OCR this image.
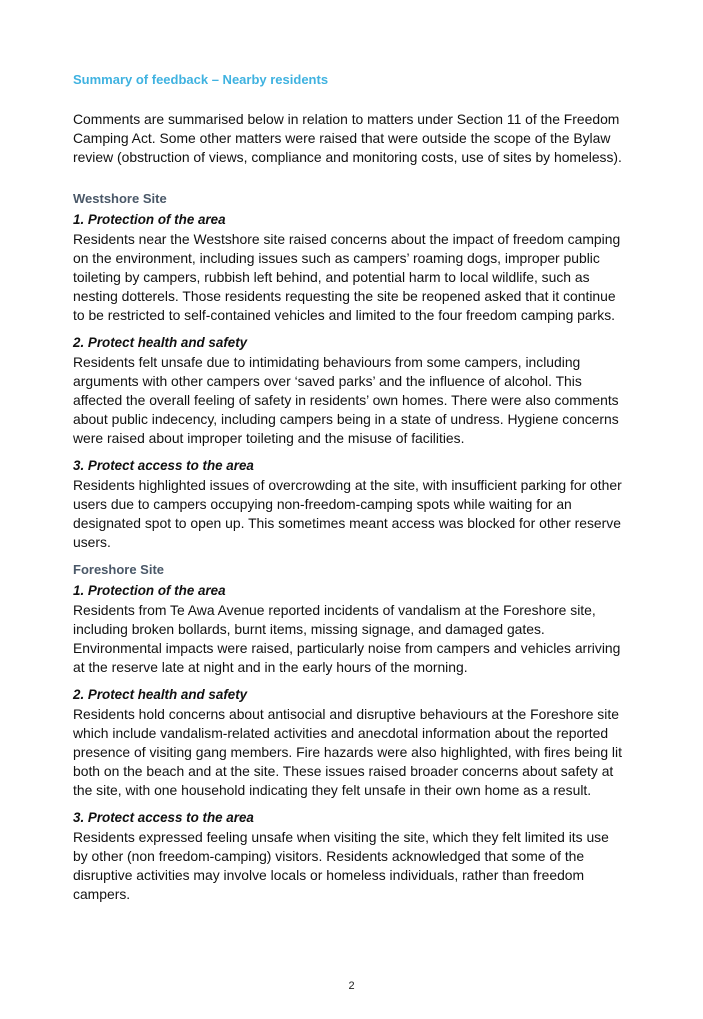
Summary of feedback – Nearby residents

Comments are summarised below in relation to matters under Section 11 of the Freedom
Camping Act. Some other matters were raised that were outside the scope of the Bylaw
review (obstruction of views, compliance and monitoring costs, use of sites by homeless).

Westshore Site
1. Protection of the area

Residents near the Westshore site raised concerns about the impact of freedom camping
on the environment, including issues such as campers’ roaming dogs, improper public
toileting by campers, rubbish left behind, and potential harm to local wildlife, such as
nesting dotterels. Those residents requesting the site be reopened asked that it continue
to be restricted to self-contained vehicles and limited to the four freedom camping parks.

2. Protect health and safety

Residents felt unsafe due to intimidating behaviours from some campers, including
arguments with other campers over ‘saved parks’ and the influence of alcohol. This
affected the overall feeling of safety in residents’ own homes. There were also comments
about public indecency, including campers being in a state of undress. Hygiene concerns
were raised about improper toileting and the misuse of facilities.

3. Protect access to the area

Residents highlighted issues of overcrowding at the site, with insufficient parking for other
users due to campers occupying non-freedom-camping spots while waiting for an
designated spot to open up. This sometimes meant access was blocked for other reserve
users.

Foreshore Site
1. Protection of the area

Residents from Te Awa Avenue reported incidents of vandalism at the Foreshore site,
including broken bollards, burnt items, missing signage, and damaged gates.
Environmental impacts were raised, particularly noise from campers and vehicles arriving
at the reserve late at night and in the early hours of the morning.

2. Protect health and safety

Residents hold concerns about antisocial and disruptive behaviours at the Foreshore site
which include vandalism-related activities and anecdotal information about the reported
presence of visiting gang members. Fire hazards were also highlighted, with fires being lit
both on the beach and at the site. These issues raised broader concerns about safety at
the site, with one household indicating they felt unsafe in their own home as a result.

3. Protect access to the area

Residents expressed feeling unsafe when visiting the site, which they felt limited its use
by other (non freedom-camping) visitors. Residents acknowledged that some of the
disruptive activities may involve locals or homeless individuals, rather than freedom
campers.

2
